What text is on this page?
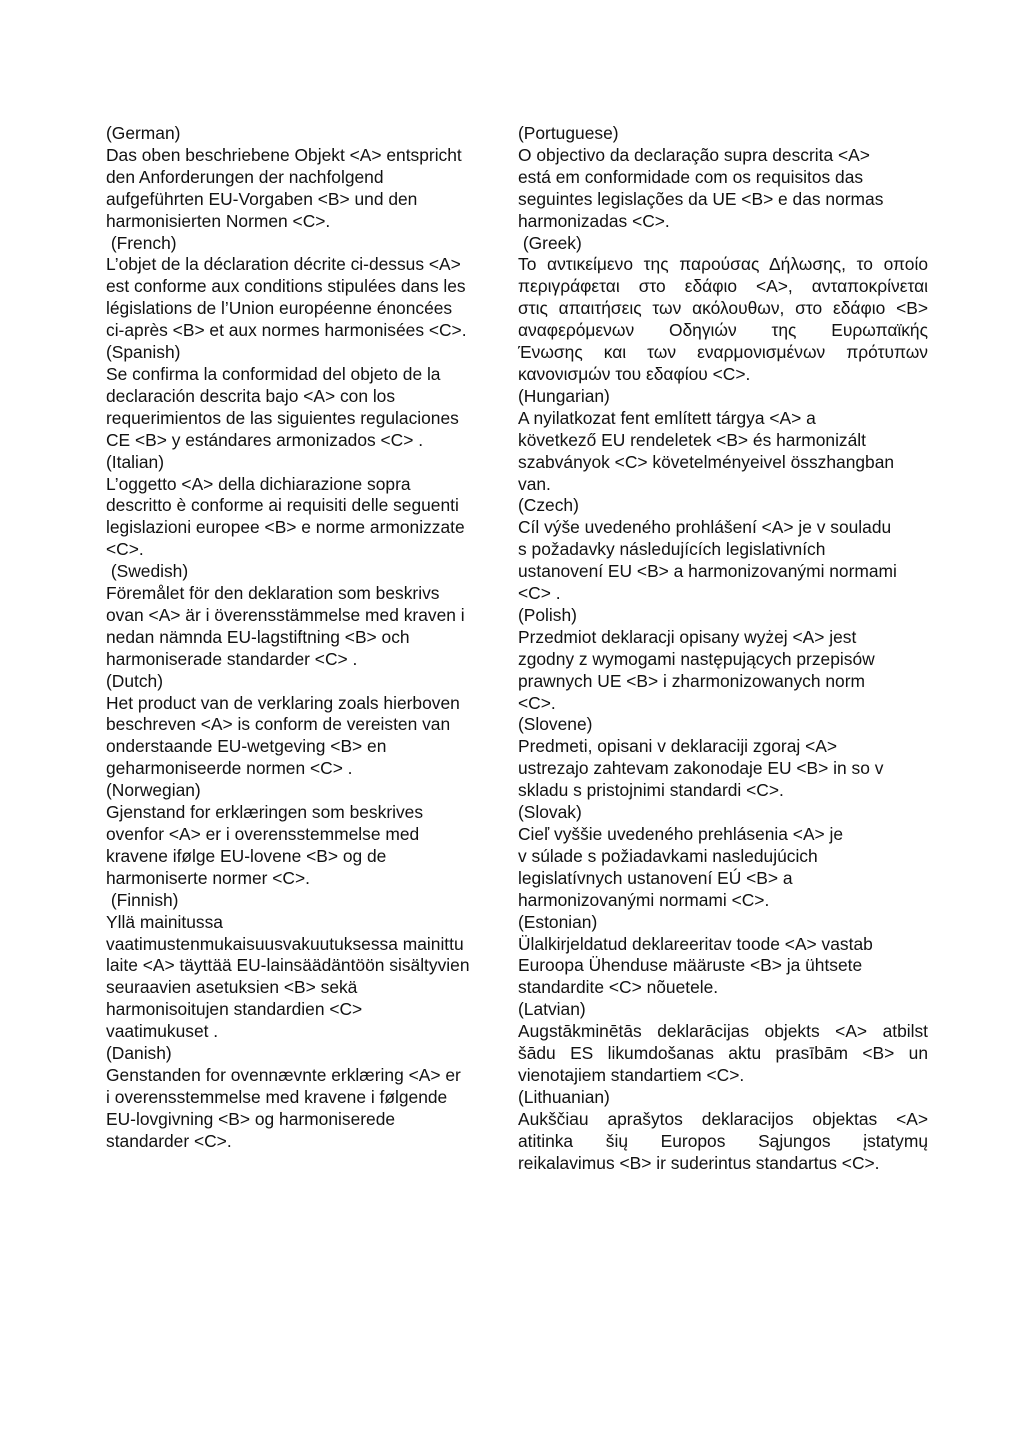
(German)
Das oben beschriebene Objekt <A> entspricht
den Anforderungen der nachfolgend
aufgeführten EU-Vorgaben <B> und den
harmonisierten Normen <C>.
(French)
L’objet de la déclaration décrite ci-dessus <A>
est conforme aux conditions stipulées dans les
législations de l’Union européenne énoncées
ci-après <B> et aux normes harmonisées <C>.
(Spanish)
Se confirma la conformidad del objeto de la
declaración descrita bajo <A> con los
requerimientos de las siguientes regulaciones
CE <B> y estándares armonizados <C> .
(Italian)
L’oggetto <A> della dichiarazione sopra
descritto è conforme ai requisiti delle seguenti
legislazioni europee <B> e norme armonizzate
<C>.
(Swedish)
Föremålet för den deklaration som beskrivs
ovan <A> är i överensstämmelse med kraven i
nedan nämnda EU-lagstiftning <B> och
harmoniserade standarder <C> .
(Dutch)
Het product van de verklaring zoals hierboven
beschreven <A> is conform de vereisten van
onderstaande EU-wetgeving <B> en
geharmoniseerde normen <C> .
(Norwegian)
Gjenstand for erklæringen som beskrives
ovenfor <A> er i overensstemmelse med
kravene ifølge EU-lovene <B> og de
harmoniserte normer <C>.
(Finnish)
Yllä mainitussa
vaatimustenmukaisuusvakuutuksessa mainittu
laite <A> täyttää EU-lainsäädäntöön sisältyvien
seuraavien asetuksien <B> sekä
harmonisoitujen standardien <C>
vaatimukuset .
(Danish)
Genstanden for ovennævnte erklæring <A> er
i overensstemmelse med kravene i følgende
EU-lovgivning <B> og harmoniserede
standarder <C>.
(Portuguese)
O objectivo da declaração supra descrita <A>
está em conformidade com os requisitos das
seguintes legislações da UE <B> e das normas
harmonizadas <C>.
(Greek)
Το αντικείμενο της παρούσας Δήλωσης, το οποίο
περιγράφεται στο εδάφιο <A>, ανταποκρίνεται
στις απαιτήσεις των ακόλουθων, στο εδάφιο <B>
αναφερόμενων Οδηγιών της Ευρωπαϊκής
Ένωσης και των εναρμονισμένων πρότυπων
κανονισμών του εδαφίου <C>.
(Hungarian)
A nyilatkozat fent említett tárgya <A> a
következő EU rendeletek <B> és harmonizált
szabványok <C> követelményeivel összhangban
van.
(Czech)
Cíl výše uvedeného prohlášení <A> je v souladu
s požadavky následujících legislativních
ustanovení EU <B> a harmonizovanými normami
<C> .
(Polish)
Przedmiot deklaracji opisany wyżej <A> jest
zgodny z wymogami następujących przepisów
prawnych UE <B> i zharmonizowanych norm
<C>.
(Slovene)
Predmeti, opisani v deklaraciji zgoraj <A>
ustrezajo zahtevam zakonodaje EU <B> in so v
skladu s pristojnimi standardi <C>.
(Slovak)
Cieľ vyššie uvedeného prehlásenia <A> je
v súlade s požiadavkami nasledujúcich
legislatívnych ustanovení EÚ <B> a
harmonizovanými normami <C>.
(Estonian)
Ülalkirjeldatud deklareeritav toode <A> vastab
Euroopa Ühenduse määruste <B> ja ühtsete
standardite <C> nõuetele.
(Latvian)
Augstākminētās deklarācijas objekts <A> atbilst
šādu ES likumdošanas aktu prasībām <B> un
vienotajiem standartiem <C>.
(Lithuanian)
Aukščiau aprašytos deklaracijos objektas <A>
atitinka šių Europos Sąjungos įstatymų
reikalavimus <B> ir suderintus standartus <C>.
